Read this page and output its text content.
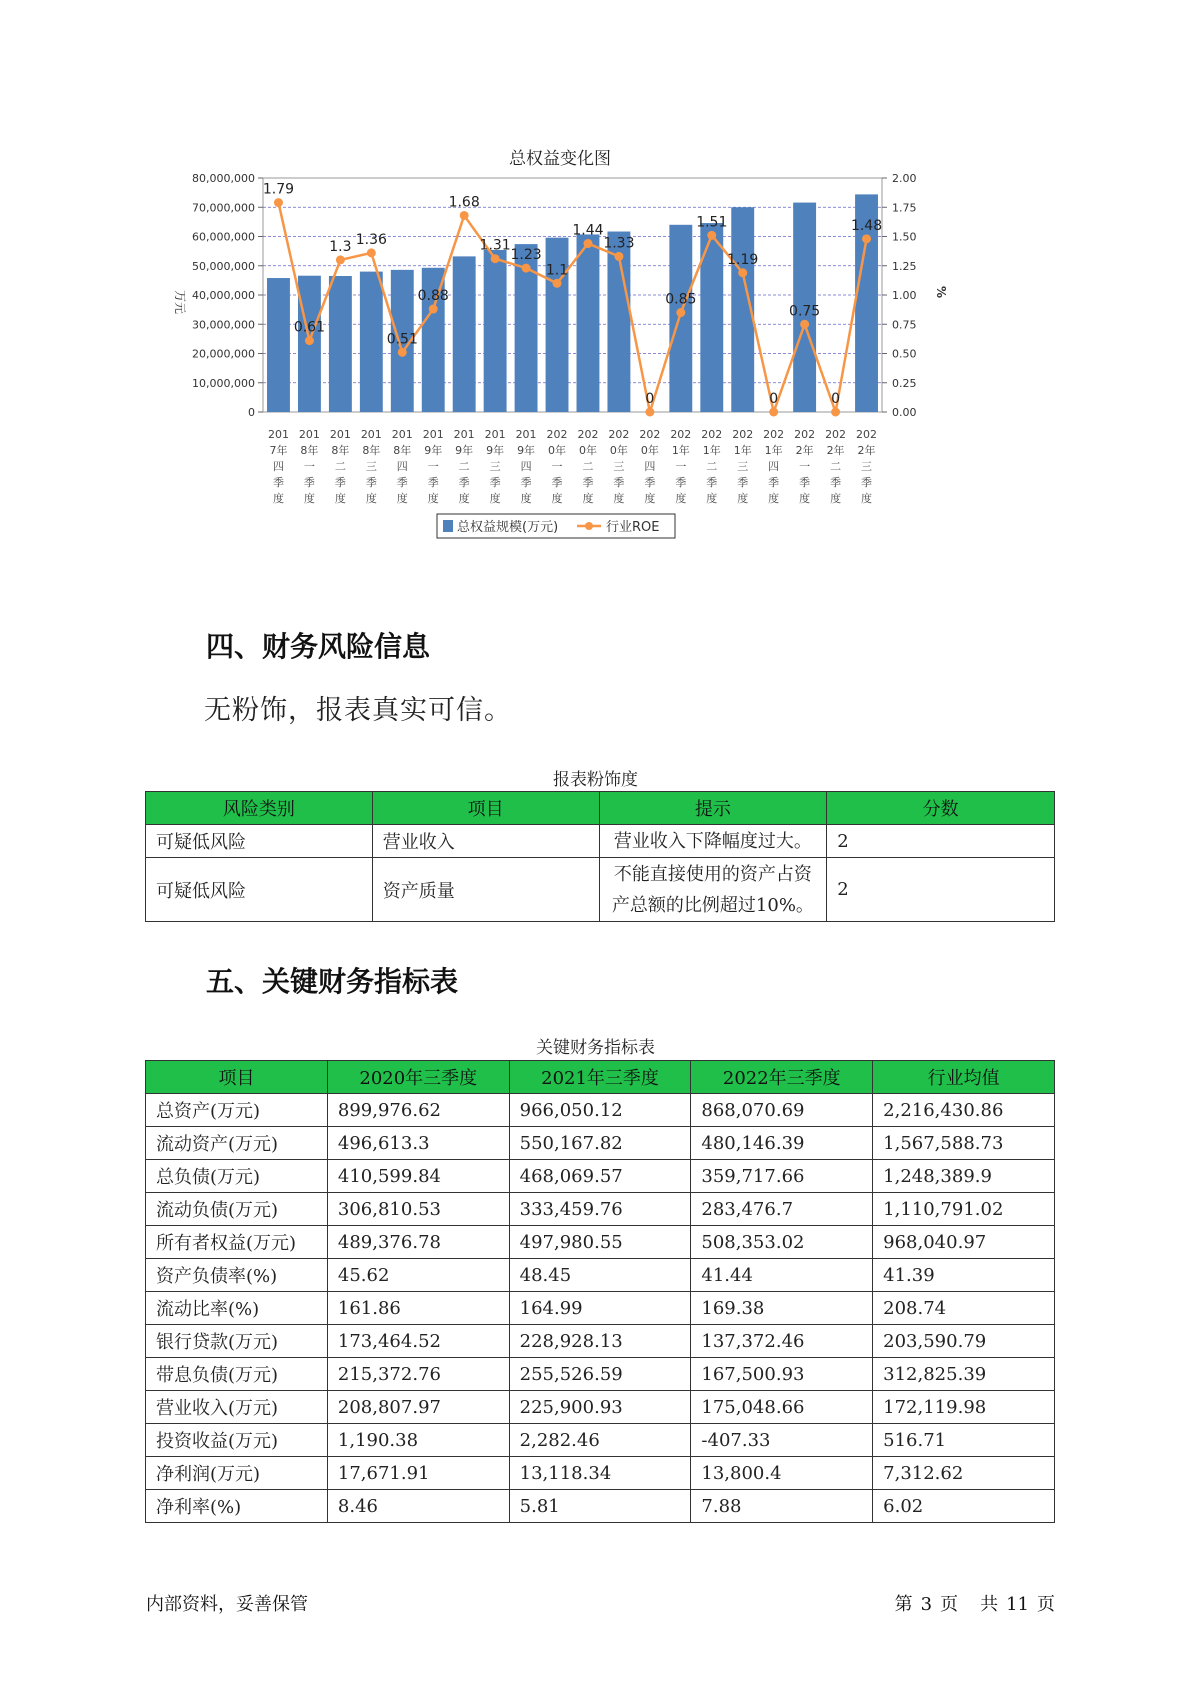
总权益变化图
80,000,000
70,000,000
60,000,000
50,000,000
40,000,000
30,000,000
20,000,000
10,000,000
0
2.00
1.75
1.50
1.25
1.00
0.75
0.50
0.25
0.00
万元	%
201
7年
四
季
度
201
8年
一
季
度
201
8年
二
季
度
201
8年
三
季
度
201
8年
四
季
度
201
9年
一
季
度
201
9年
二
季
度
201
9年
三
季
度
201
9年
四
季
度
202
0年
一
季
度
202
0年
二
季
度
202
0年
三
季
度
202
0年
四
季
度
202
1年
一
季
度
202
1年
二
季
度
202
1年
三
季
度
202
1年
四
季
度
202
2年
一
季
度
202
2年
二
季
度
202
2年
三
季
度
1.79
0.61
1.3 1.36
0.51
0.88
1.68
1.31
1.23
1.1
1.44
1.33
0
0.85
1.51
1.19
0
0.75
0
1.48
总权益规模(万元)	行业ROE
四、财务风险信息
无粉饰，报表真实可信。
报表粉饰度
风险类别	项目	提示	分数
可疑低风险	营业收入	营业收入下降幅度过大。	2
可疑低风险	资产质量	不能直接使用的资产占资产总额的比例超过10%。	2
五、关键财务指标表
关键财务指标表
项目	2020年三季度	2021年三季度	2022年三季度	行业均值
总资产(万元)	899,976.62	966,050.12	868,070.69	2,216,430.86
流动资产(万元)	496,613.3	550,167.82	480,146.39	1,567,588.73
总负债(万元)	410,599.84	468,069.57	359,717.66	1,248,389.9
流动负债(万元)	306,810.53	333,459.76	283,476.7	1,110,791.02
所有者权益(万元)	489,376.78	497,980.55	508,353.02	968,040.97
资产负债率(%)	45.62	48.45	41.44	41.39
流动比率(%)	161.86	164.99	169.38	208.74
银行贷款(万元)	173,464.52	228,928.13	137,372.46	203,590.79
带息负债(万元)	215,372.76	255,526.59	167,500.93	312,825.39
营业收入(万元)	208,807.97	225,900.93	175,048.66	172,119.98
投资收益(万元)	1,190.38	2,282.46	-407.33	516.71
净利润(万元)	17,671.91	13,118.34	13,800.4	7,312.62
净利率(%)	8.46	5.81	7.88	6.02
内部资料，妥善保管	第 3 页 共 11 页
